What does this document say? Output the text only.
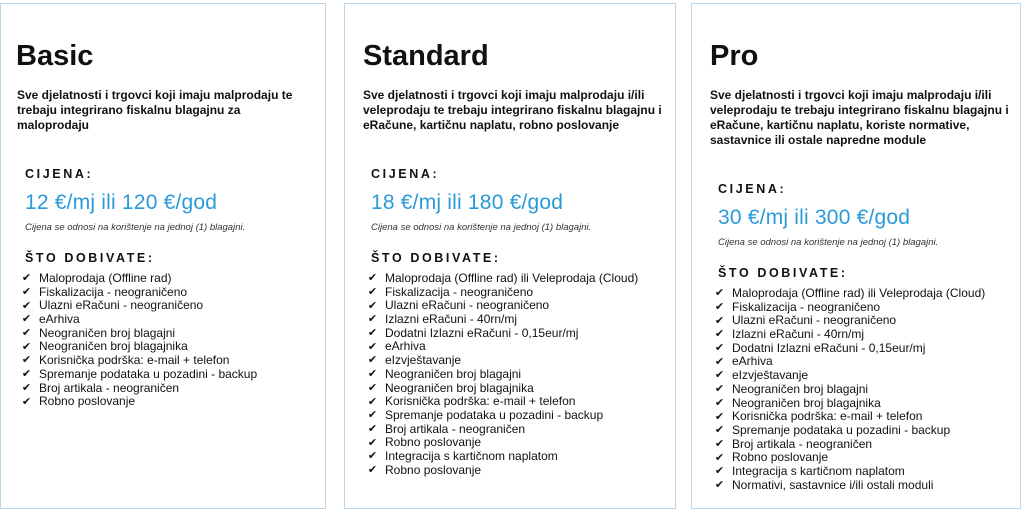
Basic
Sve djelatnosti i trgovci koji imaju malprodaju te trebaju integrirano fiskalnu blagajnu za maloprodaju
CIJENA:
12 €/mj ili 120 €/god
Cijena se odnosi na korištenje na jednoj (1) blagajni.
ŠTO DOBIVATE:
✔ Maloprodaja (Offline rad)
✔ Fiskalizacija - neograničeno
✔ Ulazni eRačuni - neograničeno
✔ eArhiva
✔ Neograničen broj blagajni
✔ Neograničen broj blagajnika
✔ Korisnička podrška: e-mail + telefon
✔ Spremanje podataka u pozadini - backup
✔ Broj artikala - neograničen
✔ Robno poslovanje
Standard
Sve djelatnosti i trgovci koji imaju malprodaju i/ili veleprodaju te trebaju integrirano fiskalnu blagajnu i eRačune, kartičnu naplatu, robno poslovanje
CIJENA:
18 €/mj ili 180 €/god
Cijena se odnosi na korištenje na jednoj (1) blagajni.
ŠTO DOBIVATE:
✔ Maloprodaja (Offline rad) ili Veleprodaja (Cloud)
✔ Fiskalizacija - neograničeno
✔ Ulazni eRačuni - neograničeno
✔ Izlazni eRačuni - 40rn/mj
✔ Dodatni Izlazni eRačuni - 0,15eur/mj
✔ eArhiva
✔ eIzvještavanje
✔ Neograničen broj blagajni
✔ Neograničen broj blagajnika
✔ Korisnička podrška: e-mail + telefon
✔ Spremanje podataka u pozadini - backup
✔ Broj artikala - neograničen
✔ Robno poslovanje
✔ Integracija s kartičnom naplatom
✔ Robno poslovanje
Pro
Sve djelatnosti i trgovci koji imaju malprodaju i/ili veleprodaju te trebaju integrirano fiskalnu blagajnu i eRačune, kartičnu naplatu, koriste normative, sastavnice ili ostale napredne module
CIJENA:
30 €/mj ili 300 €/god
Cijena se odnosi na korištenje na jednoj (1) blagajni.
ŠTO DOBIVATE:
✔ Maloprodaja (Offline rad) ili Veleprodaja (Cloud)
✔ Fiskalizacija - neograničeno
✔ Ulazni eRačuni - neograničeno
✔ Izlazni eRačuni - 40rn/mj
✔ Dodatni Izlazni eRačuni - 0,15eur/mj
✔ eArhiva
✔ eIzvještavanje
✔ Neograničen broj blagajni
✔ Neograničen broj blagajnika
✔ Korisnička podrška: e-mail + telefon
✔ Spremanje podataka u pozadini - backup
✔ Broj artikala - neograničen
✔ Robno poslovanje
✔ Integracija s kartičnom naplatom
✔ Normativi, sastavnice i/ili ostali moduli
